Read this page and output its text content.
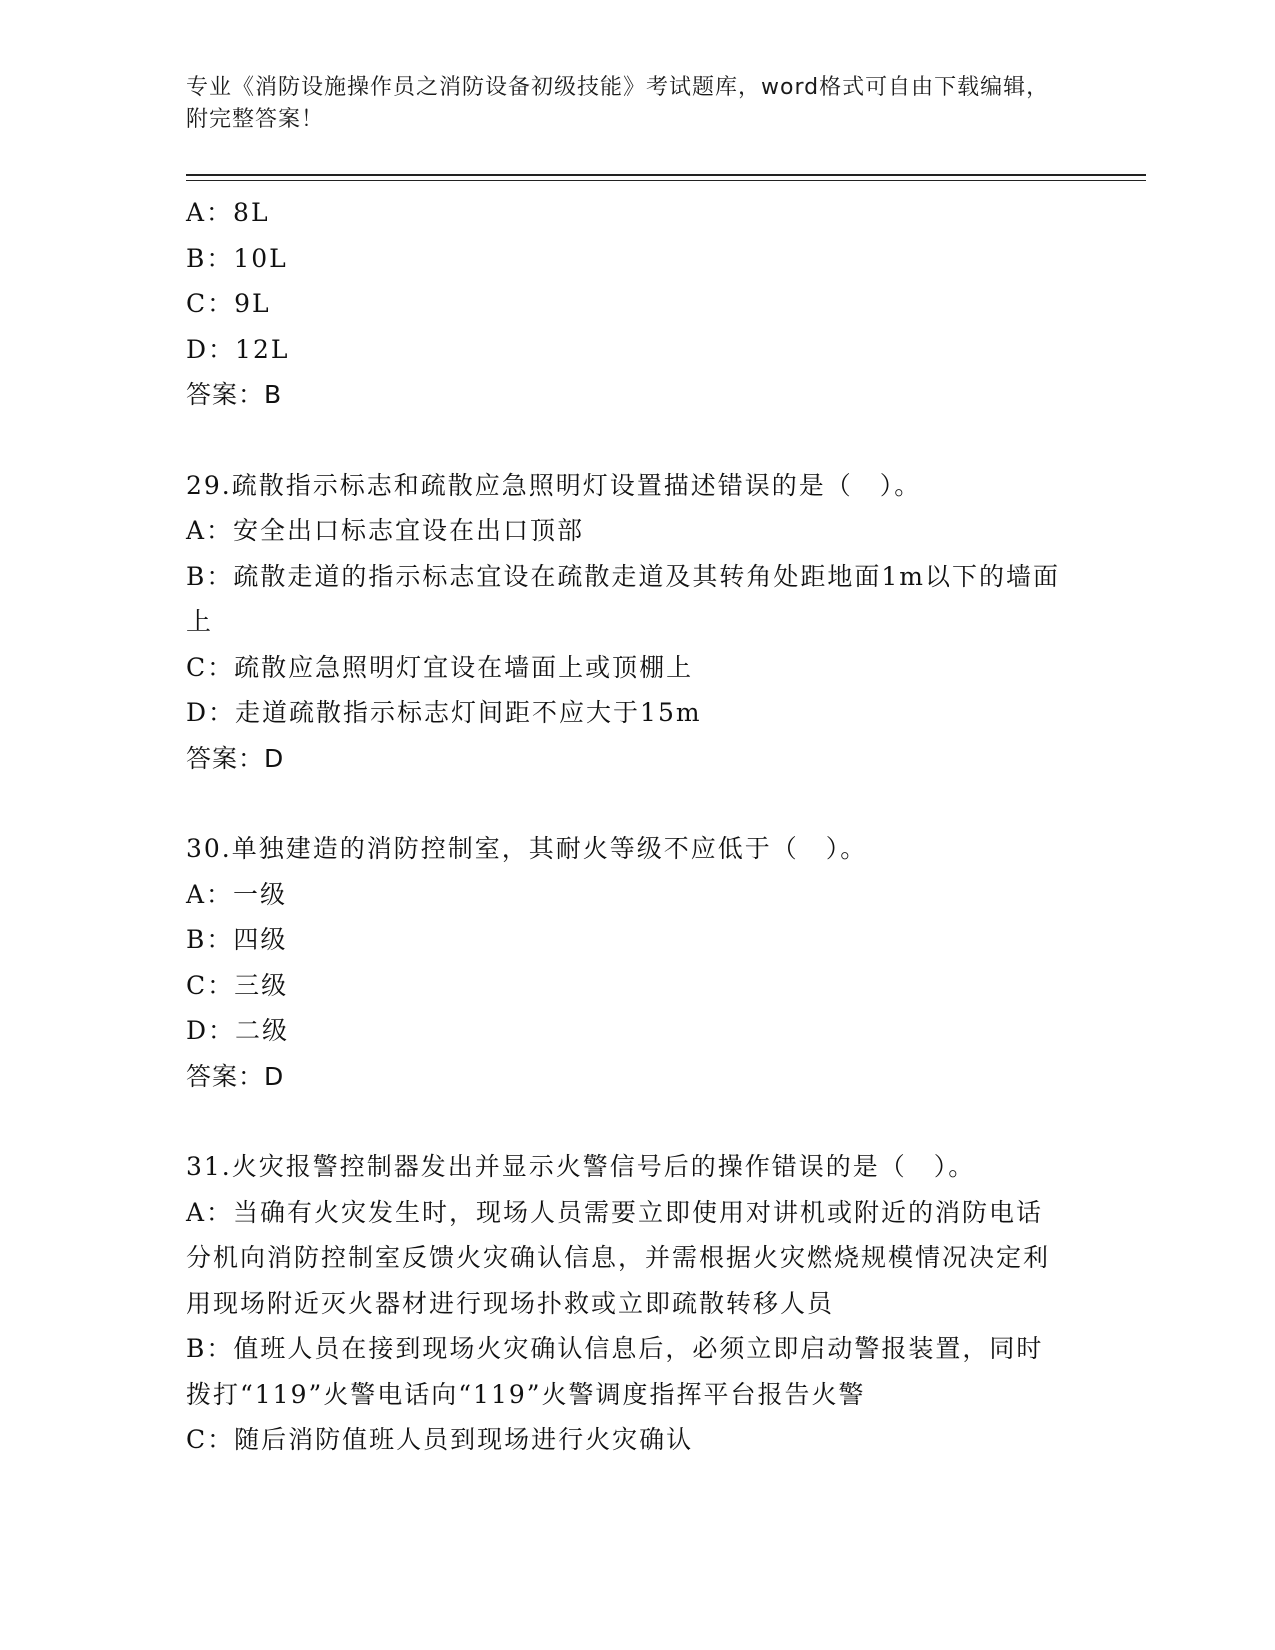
专业《消防设施操作员之消防设备初级技能》考试题库，word格式可自由下载编辑，附完整答案！
A：8L
B：10L
C：9L
D：12L
答案：B
29.疏散指示标志和疏散应急照明灯设置描述错误的是（　）。
A：安全出口标志宜设在出口顶部
B：疏散走道的指示标志宜设在疏散走道及其转角处距地面1m以下的墙面上
C：疏散应急照明灯宜设在墙面上或顶棚上
D：走道疏散指示标志灯间距不应大于15m
答案：D
30.单独建造的消防控制室，其耐火等级不应低于（　）。
A：一级
B：四级
C：三级
D：二级
答案：D
31.火灾报警控制器发出并显示火警信号后的操作错误的是（　）。
A：当确有火灾发生时，现场人员需要立即使用对讲机或附近的消防电话分机向消防控制室反馈火灾确认信息，并需根据火灾燃烧规模情况决定利用现场附近灭火器材进行现场扑救或立即疏散转移人员
B：值班人员在接到现场火灾确认信息后，必须立即启动警报装置，同时拨打“119”火警电话向“119”火警调度指挥平台报告火警
C：随后消防值班人员到现场进行火灾确认
